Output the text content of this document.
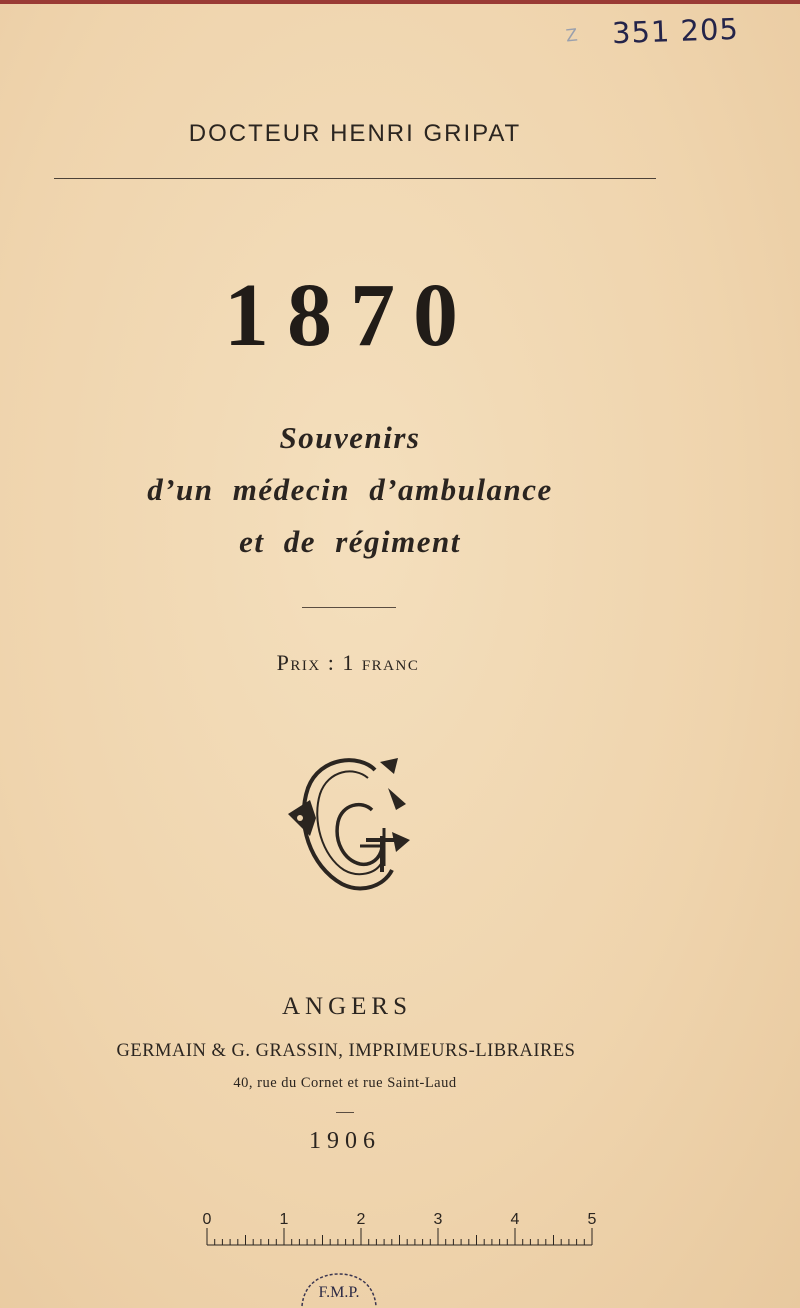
Z 351 205
DOCTEUR HENRI GRIPAT
1870
Souvenirs
d’un médecin d’ambulance
et de régiment
Prix : 1 franc
ANGERS
GERMAIN & G. GRASSIN, IMPRIMEURS-LIBRAIRES
40, rue du Cornet et rue Saint-Laud
1906
0	1	2	3	4	5
F.M.P.
